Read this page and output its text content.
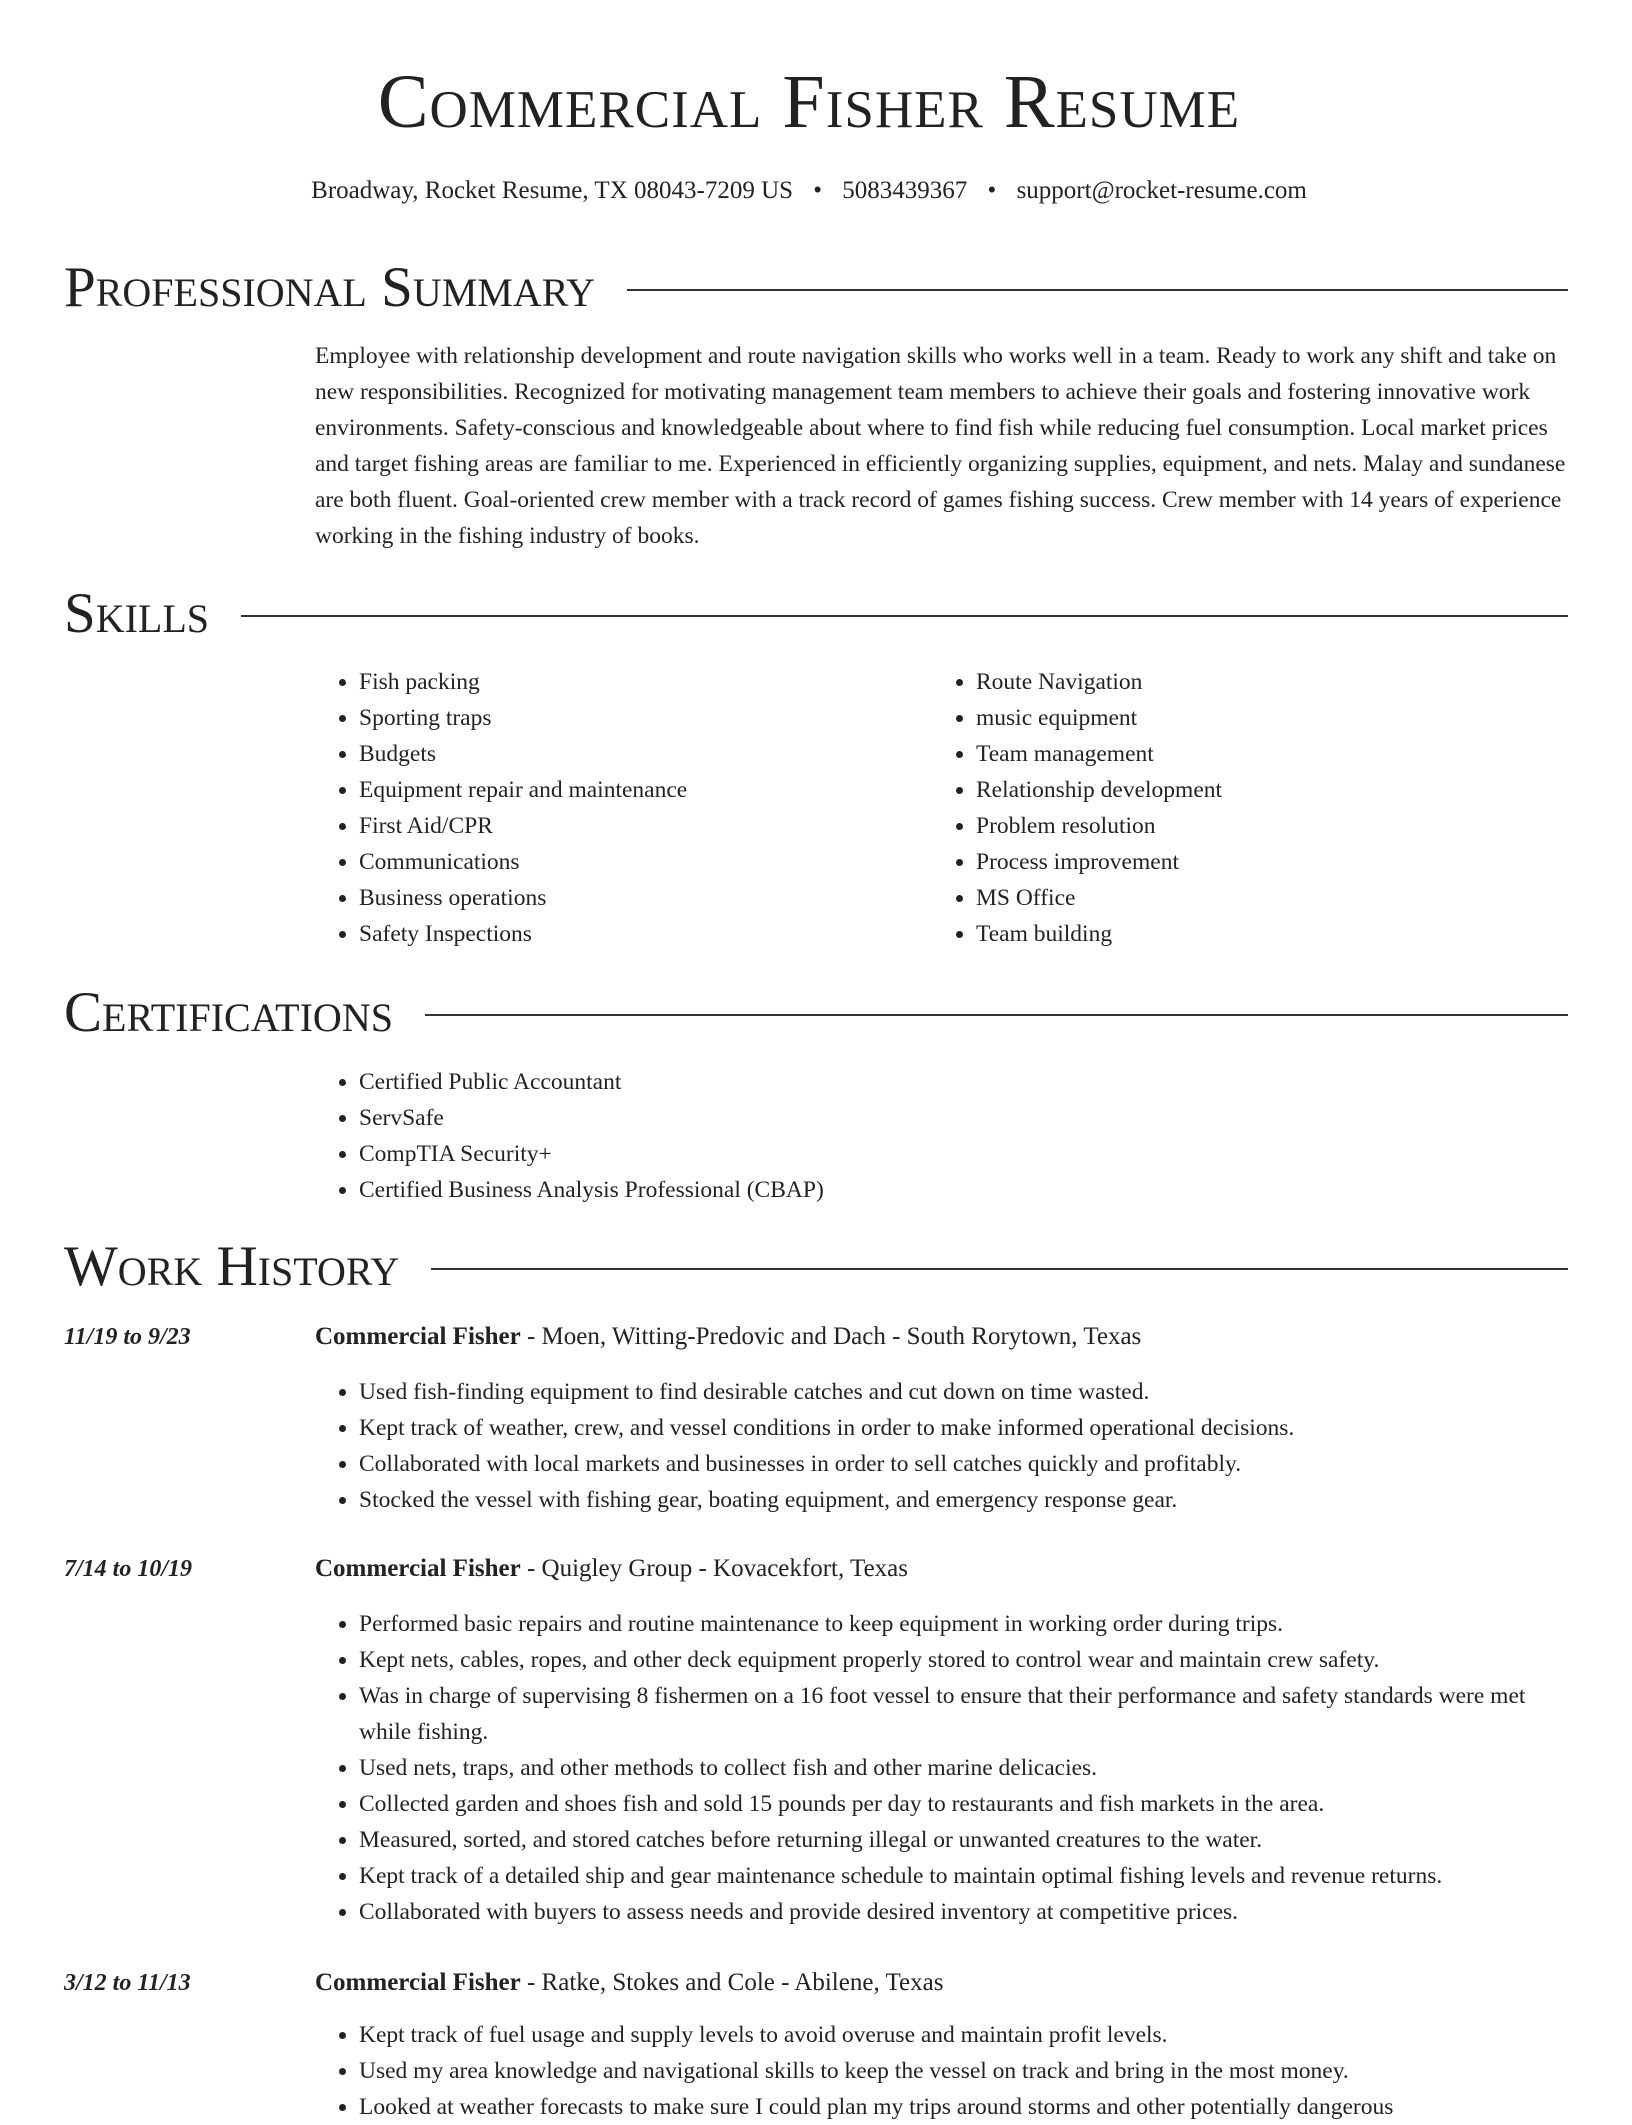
Commercial Fisher Resume
Broadway, Rocket Resume, TX 08043-7209 US • 5083439367 • support@rocket-resume.com
Professional Summary
Employee with relationship development and route navigation skills who works well in a team. Ready to work any shift and take on new responsibilities. Recognized for motivating management team members to achieve their goals and fostering innovative work environments. Safety-conscious and knowledgeable about where to find fish while reducing fuel consumption. Local market prices and target fishing areas are familiar to me. Experienced in efficiently organizing supplies, equipment, and nets. Malay and sundanese are both fluent. Goal-oriented crew member with a track record of games fishing success. Crew member with 14 years of experience working in the fishing industry of books.
Skills
• Fish packing
• Sporting traps
• Budgets
• Equipment repair and maintenance
• First Aid/CPR
• Communications
• Business operations
• Safety Inspections
• Route Navigation
• music equipment
• Team management
• Relationship development
• Problem resolution
• Process improvement
• MS Office
• Team building
Certifications
• Certified Public Accountant
• ServSafe
• CompTIA Security+
• Certified Business Analysis Professional (CBAP)
Work History
11/19 to 9/23	Commercial Fisher - Moen, Witting-Predovic and Dach - South Rorytown, Texas
• Used fish-finding equipment to find desirable catches and cut down on time wasted.
• Kept track of weather, crew, and vessel conditions in order to make informed operational decisions.
• Collaborated with local markets and businesses in order to sell catches quickly and profitably.
• Stocked the vessel with fishing gear, boating equipment, and emergency response gear.
7/14 to 10/19	Commercial Fisher - Quigley Group - Kovacekfort, Texas
• Performed basic repairs and routine maintenance to keep equipment in working order during trips.
• Kept nets, cables, ropes, and other deck equipment properly stored to control wear and maintain crew safety.
• Was in charge of supervising 8 fishermen on a 16 foot vessel to ensure that their performance and safety standards were met while fishing.
• Used nets, traps, and other methods to collect fish and other marine delicacies.
• Collected garden and shoes fish and sold 15 pounds per day to restaurants and fish markets in the area.
• Measured, sorted, and stored catches before returning illegal or unwanted creatures to the water.
• Kept track of a detailed ship and gear maintenance schedule to maintain optimal fishing levels and revenue returns.
• Collaborated with buyers to assess needs and provide desired inventory at competitive prices.
3/12 to 11/13	Commercial Fisher - Ratke, Stokes and Cole - Abilene, Texas
• Kept track of fuel usage and supply levels to avoid overuse and maintain profit levels.
• Used my area knowledge and navigational skills to keep the vessel on track and bring in the most money.
• Looked at weather forecasts to make sure I could plan my trips around storms and other potentially dangerous
